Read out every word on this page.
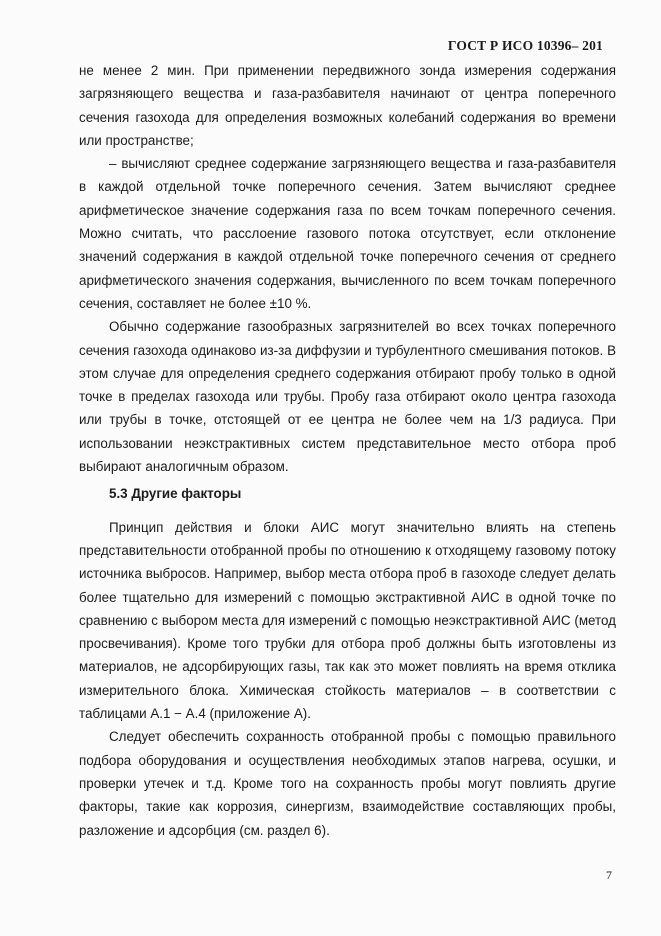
ГОСТ Р ИСО 10396– 201

не менее 2 мин. При применении передвижного зонда измерения содержания загрязняющего вещества и газа-разбавителя начинают от центра поперечного сечения газохода для определения возможных колебаний содержания во времени или пространстве;

– вычисляют среднее содержание загрязняющего вещества и газа-разбавителя в каждой отдельной точке поперечного сечения. Затем вычисляют среднее арифметическое значение содержания газа по всем точкам поперечного сечения. Можно считать, что расслоение газового потока отсутствует, если отклонение значений содержания в каждой отдельной точке поперечного сечения от среднего арифметического значения содержания, вычисленного по всем точкам поперечного сечения, составляет не более ±10 %.

Обычно содержание газообразных загрязнителей во всех точках поперечного сечения газохода одинаково из-за диффузии и турбулентного смешивания потоков. В этом случае для определения среднего содержания отбирают пробу только в одной точке в пределах газохода или трубы. Пробу газа отбирают около центра газохода или трубы в точке, отстоящей от ее центра не более чем на 1/3 радиуса. При использовании неэкстрактивных систем представительное место отбора проб выбирают аналогичным образом.

5.3 Другие факторы

Принцип действия и блоки АИС могут значительно влиять на степень представительности отобранной пробы по отношению к отходящему газовому потоку источника выбросов. Например, выбор места отбора проб в газоходе следует делать более тщательно для измерений с помощью экстрактивной АИС в одной точке по сравнению с выбором места для измерений с помощью неэкстрактивной АИС (метод просвечивания). Кроме того трубки для отбора проб должны быть изготовлены из материалов, не адсорбирующих газы, так как это может повлиять на время отклика измерительного блока. Химическая стойкость материалов – в соответствии с таблицами А.1 − А.4 (приложение А).

Следует обеспечить сохранность отобранной пробы с помощью правильного подбора оборудования и осуществления необходимых этапов нагрева, осушки, и проверки утечек и т.д. Кроме того на сохранность пробы могут повлиять другие факторы, такие как коррозия, синергизм, взаимодействие составляющих пробы, разложение и адсорбция (см. раздел 6).

7
